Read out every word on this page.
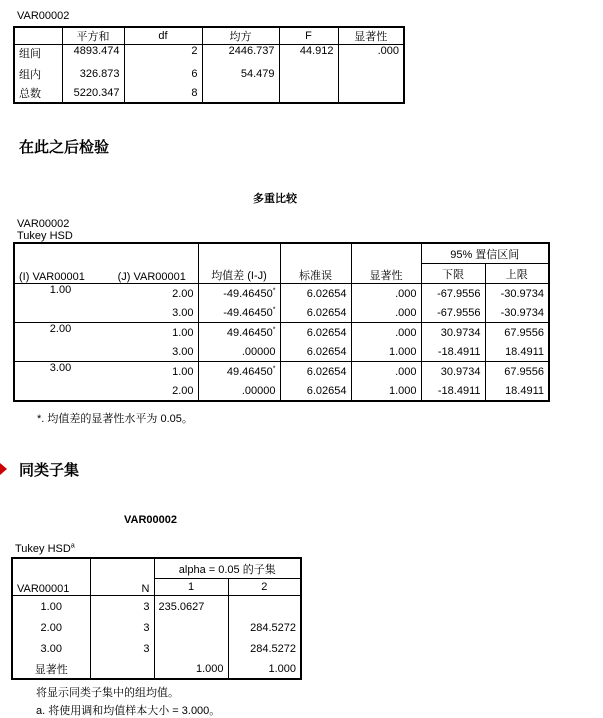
VAR00002
	平方和	df	均方	F	显著性
组间	4893.474	2	2446.737	44.912	.000
组内	326.873	6	54.479		
总数	5220.347	8			
在此之后检验
多重比较
VAR00002
Tukey HSD
(I) VAR00001	(J) VAR00001	均值差 (I-J)	标准误	显著性	95% 置信区间	
					下限	上限
1.00	2.00	-49.46450*	6.02654	.000	-67.9556	-30.9734
	3.00	-49.46450*	6.02654	.000	-67.9556	-30.9734
2.00	1.00	49.46450*	6.02654	.000	30.9734	67.9556
	3.00	.00000	6.02654	1.000	-18.4911	18.4911
3.00	1.00	49.46450*	6.02654	.000	30.9734	67.9556
	2.00	.00000	6.02654	1.000	-18.4911	18.4911
*. 均值差的显著性水平为 0.05。
同类子集
VAR00002
Tukey HSD$^a$
VAR00001	N	alpha = 0.05 的子集	
		1	2
1.00	3	235.0627	
2.00	3		284.5272
3.00	3		284.5272
显著性		1.000	1.000
将显示同类子集中的组均值。
a. 将使用调和均值样本大小 = 3.000。
